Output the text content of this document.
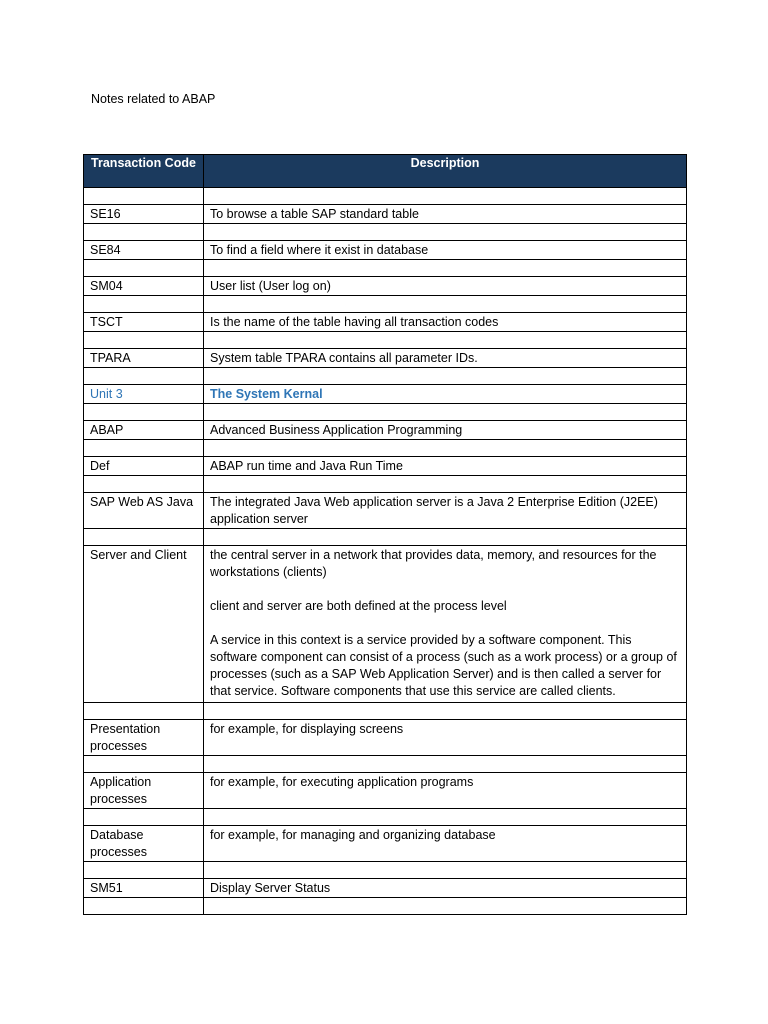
Notes related to ABAP
Transaction Code	Description

SE16	To browse a table SAP standard table

SE84	To find a field where it exist in database

SM04	User list (User log on)

TSCT	Is the name of the table having all transaction codes

TPARA	System table TPARA contains all parameter IDs.

Unit 3	The System Kernal

ABAP	Advanced Business Application Programming

Def	ABAP run time and Java Run Time

SAP Web AS Java	The integrated Java Web application server is a Java 2 Enterprise Edition (J2EE) application server

Server and Client	the central server in a network that provides data, memory, and resources for the workstations (clients)

client and server are both defined at the process level

A service in this context is a service provided by a software component. This software component can consist of a process (such as a work process) or a group of processes (such as a SAP Web Application Server) and is then called a server for that service. Software components that use this service are called clients.

Presentation processes	for example, for displaying screens

Application processes	for example, for executing application programs

Database processes	for example, for managing and organizing database

SM51	Display Server Status
